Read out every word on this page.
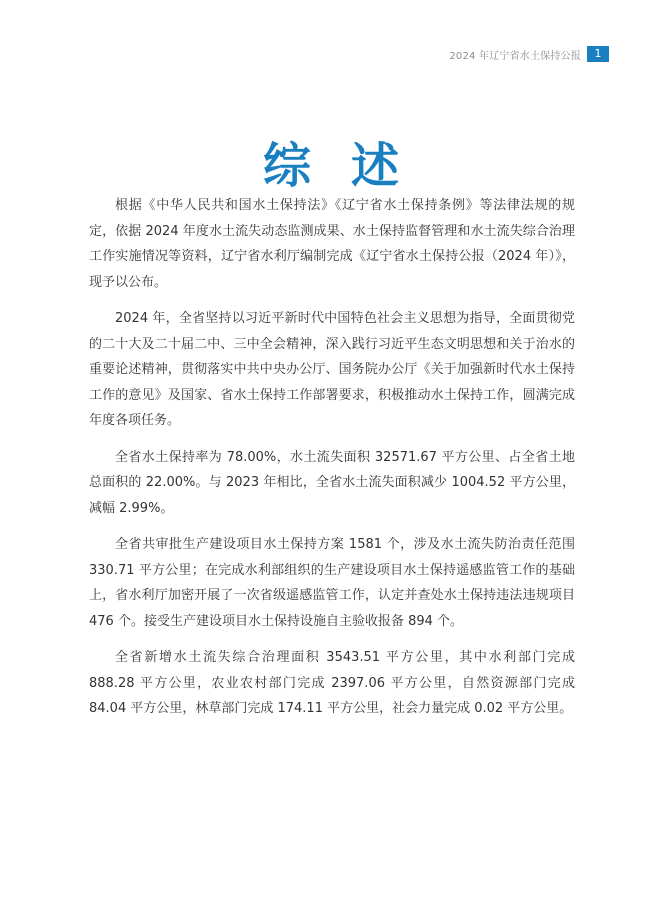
2024 年辽宁省水土保持公报	1
综述

根据《中华人民共和国水土保持法》《辽宁省水土保持条例》等法律法规的规定，依据 2024 年度水土流失动态监测成果、水土保持监督管理和水土流失综合治理工作实施情况等资料，辽宁省水利厅编制完成《辽宁省水土保持公报（2024 年）》，现予以公布。

2024 年，全省坚持以习近平新时代中国特色社会主义思想为指导，全面贯彻党的二十大及二十届二中、三中全会精神，深入践行习近平生态文明思想和关于治水的重要论述精神，贯彻落实中共中央办公厅、国务院办公厅《关于加强新时代水土保持工作的意见》及国家、省水土保持工作部署要求，积极推动水土保持工作，圆满完成年度各项任务。

全省水土保持率为 78.00%，水土流失面积 32571.67 平方公里、占全省土地总面积的 22.00%。与 2023 年相比，全省水土流失面积减少 1004.52 平方公里，减幅 2.99%。

全省共审批生产建设项目水土保持方案 1581 个，涉及水土流失防治责任范围 330.71 平方公里；在完成水利部组织的生产建设项目水土保持遥感监管工作的基础上，省水利厅加密开展了一次省级遥感监管工作，认定并查处水土保持违法违规项目 476 个。接受生产建设项目水土保持设施自主验收报备 894 个。

全省新增水土流失综合治理面积 3543.51 平方公里，其中水利部门完成 888.28 平方公里，农业农村部门完成 2397.06 平方公里，自然资源部门完成 84.04 平方公里，林草部门完成 174.11 平方公里，社会力量完成 0.02 平方公里。
